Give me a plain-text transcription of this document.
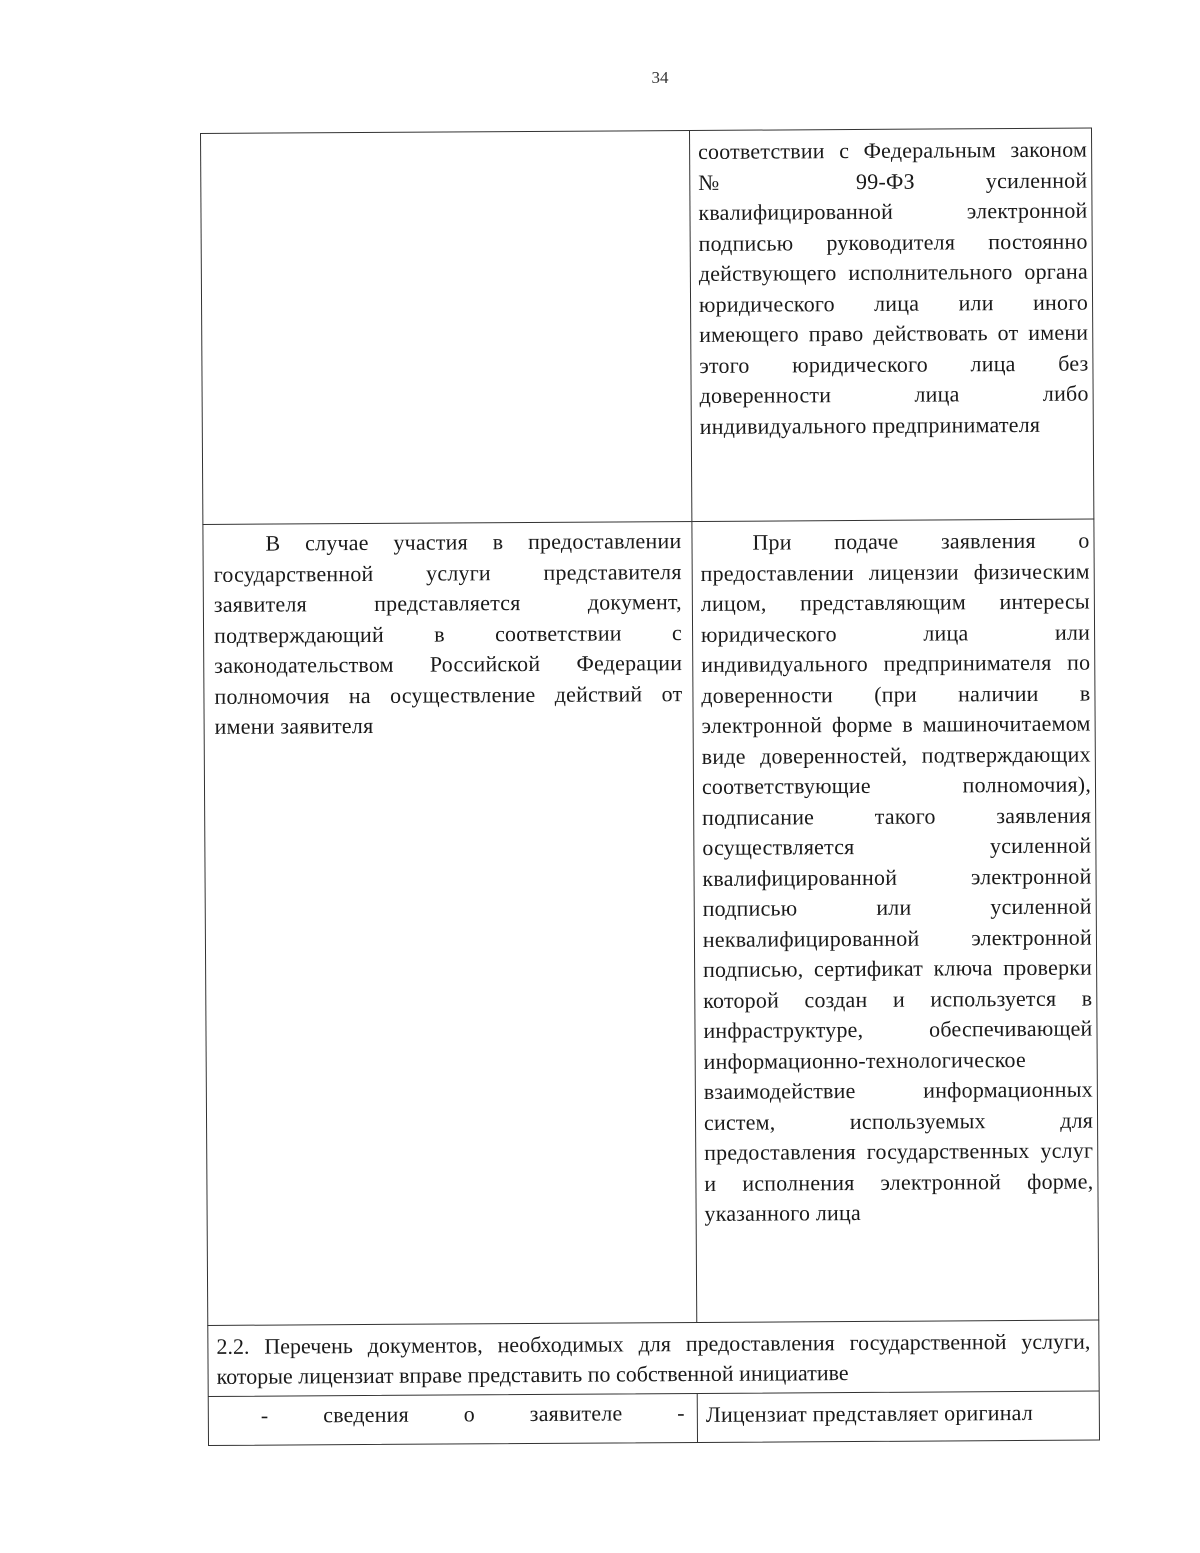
34
соответствии с Федеральным законом № 99-ФЗ усиленной квалифицированной электронной подписью руководителя постоянно действующего исполнительного органа юридического лица или иного имеющего право действовать от имени этого юридического лица без доверенности лица либо индивидуального предпринимателя
В случае участия в предоставлении государственной услуги представителя заявителя представляется документ, подтверждающий в соответствии с законодательством Российской Федерации полномочия на осуществление действий от имени заявителя
При подаче заявления о предоставлении лицензии физическим лицом, представляющим интересы юридического лица или индивидуального предпринимателя по доверенности (при наличии в электронной форме в машиночитаемом виде доверенностей, подтверждающих соответствующие полномочия), подписание такого заявления осуществляется усиленной квалифицированной электронной подписью или усиленной неквалифицированной электронной подписью, сертификат ключа проверки которой создан и используется в инфраструктуре, обеспечивающей информационно-технологическое взаимодействие информационных систем, используемых для предоставления государственных услуг и исполнения электронной форме, указанного лица
2.2. Перечень документов, необходимых для предоставления государственной услуги, которые лицензиат вправе представить по собственной инициативе
- сведения о заявителе - Лицензиат представляет оригинал
